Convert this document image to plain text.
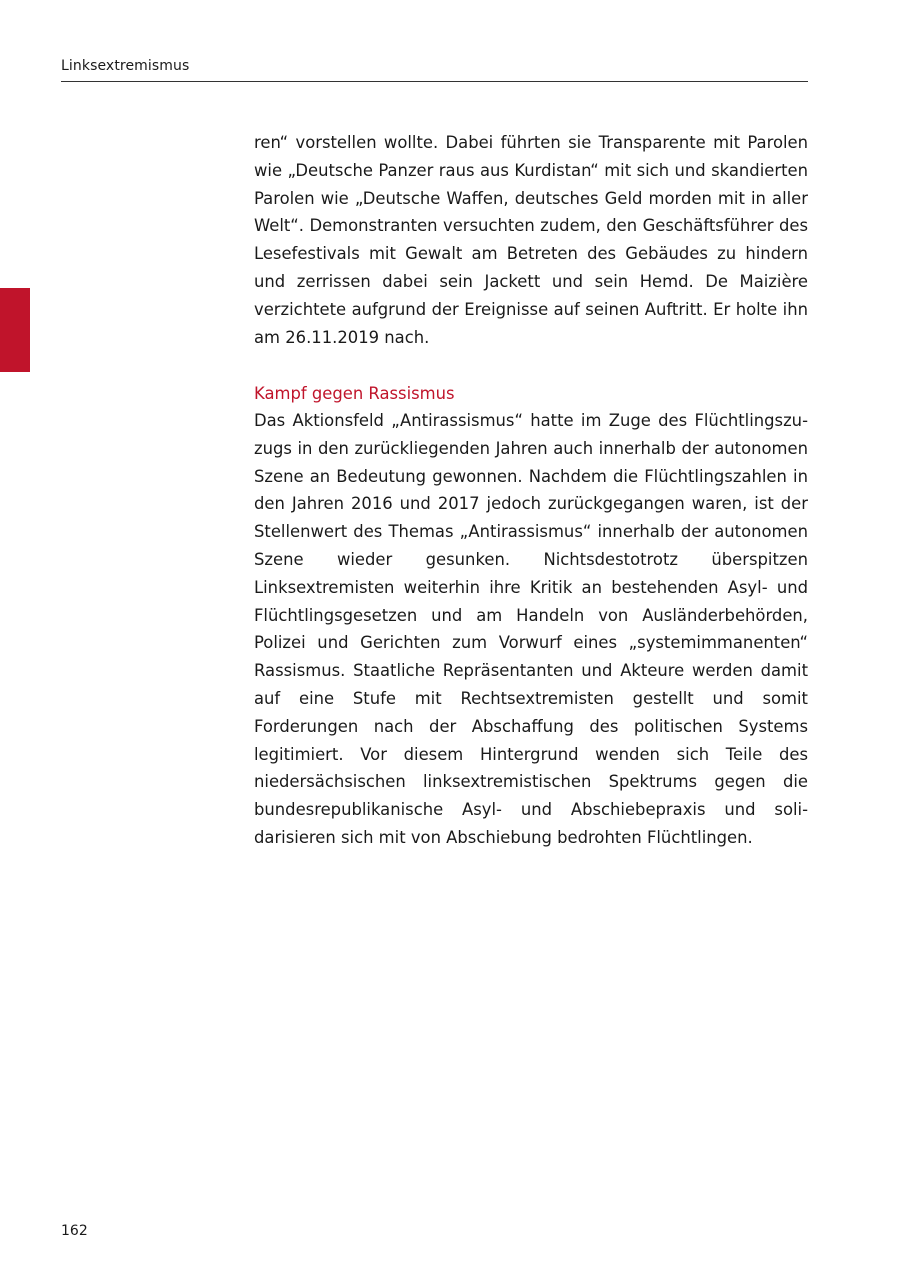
Linksextremismus

ren“ vorstellen wollte. Dabei führten sie Transparente mit Parolen wie „Deutsche Panzer raus aus Kurdistan“ mit sich und skandierten Parolen wie „Deutsche Waffen, deutsches Geld morden mit in aller Welt“. Demonstranten versuchten zudem, den Geschäftsführer des Lesefestivals mit Gewalt am Betreten des Gebäudes zu hindern und zerrissen dabei sein Jackett und sein Hemd. De Maizière verzichtete aufgrund der Ereignisse auf seinen Auftritt. Er holte ihn am 26.11.2019 nach.

Kampf gegen Rassismus

Das Aktionsfeld „Antirassismus“ hatte im Zuge des Flüchtlingszuzugs in den zurückliegenden Jahren auch innerhalb der autonomen Szene an Bedeutung gewonnen. Nachdem die Flüchtlingszahlen in den Jahren 2016 und 2017 jedoch zurückgegangen waren, ist der Stellenwert des Themas „Antirassismus“ innerhalb der autonomen Szene wieder gesunken. Nichtsdestotrotz überspitzen Linksextremisten weiterhin ihre Kritik an bestehenden Asyl- und Flüchtlingsgesetzen und am Handeln von Ausländerbehörden, Polizei und Gerichten zum Vorwurf eines „systemimmanenten“ Rassismus. Staatliche Repräsentanten und Akteure werden damit auf eine Stufe mit Rechtsextremisten gestellt und somit Forderungen nach der Abschaffung des politischen Systems legitimiert. Vor diesem Hintergrund wenden sich Teile des niedersächsischen linksextremistischen Spektrums gegen die bundesrepublikanische Asyl- und Abschiebepraxis und solidarisieren sich mit von Abschiebung bedrohten Flüchtlingen.

162
